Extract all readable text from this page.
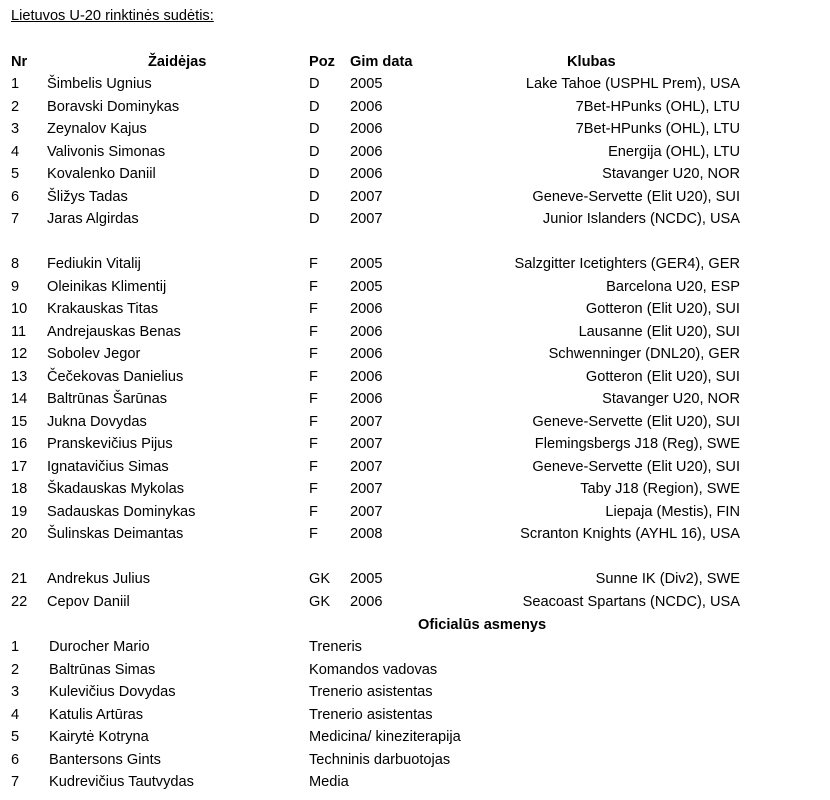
Lietuvos U-20 rinktinės sudėtis:
Nr	Žaidėjas	Poz Gim data	Klubas
1 Šimbelis Ugnius	D 2005	Lake Tahoe (USPHL Prem), USA
2 Boravski Dominykas	D 2006	7Bet-HPunks (OHL), LTU
3 Zeynalov Kajus	D 2006	7Bet-HPunks (OHL), LTU
4 Valivonis Simonas	D 2006	Energija (OHL), LTU
5 Kovalenko Daniil	D 2006	Stavanger U20, NOR
6 Šližys Tadas	D 2007	Geneve-Servette (Elit U20), SUI
7 Jaras Algirdas	D 2007	Junior Islanders (NCDC), USA
8 Fediukin Vitalij	F 2005	Salzgitter Icetighters (GER4), GER
9 Oleinikas Klimentij	F 2005	Barcelona U20, ESP
10 Krakauskas Titas	F 2006	Gotteron (Elit U20), SUI
11 Andrejauskas Benas	F 2006	Lausanne (Elit U20), SUI
12 Sobolev Jegor	F 2006	Schwenninger (DNL20), GER
13 Čečekovas Danielius	F 2006	Gotteron (Elit U20), SUI
14 Baltrūnas Šarūnas	F 2006	Stavanger U20, NOR
15 Jukna Dovydas	F 2007	Geneve-Servette (Elit U20), SUI
16 Pranskevičius Pijus	F 2007	Flemingsbergs J18 (Reg), SWE
17 Ignatavičius Simas	F 2007	Geneve-Servette (Elit U20), SUI
18 Škadauskas Mykolas	F 2007	Taby J18 (Region), SWE
19 Sadauskas Dominykas	F 2007	Liepaja (Mestis), FIN
20 Šulinskas Deimantas	F 2008	Scranton Knights (AYHL 16), USA
21 Andrekus Julius	GK 2005	Sunne IK (Div2), SWE
22 Cepov Daniil	GK 2006	Seacoast Spartans (NCDC), USA
Oficialūs asmenys
1 Durocher Mario	Treneris
2 Baltrūnas Simas	Komandos vadovas
3 Kulevičius Dovydas	Trenerio asistentas
4 Katulis Artūras	Trenerio asistentas
5 Kairytė Kotryna	Medicina/ kineziterapija
6 Bantersons Gints	Techninis darbuotojas
7 Kudrevičius Tautvydas	Media
